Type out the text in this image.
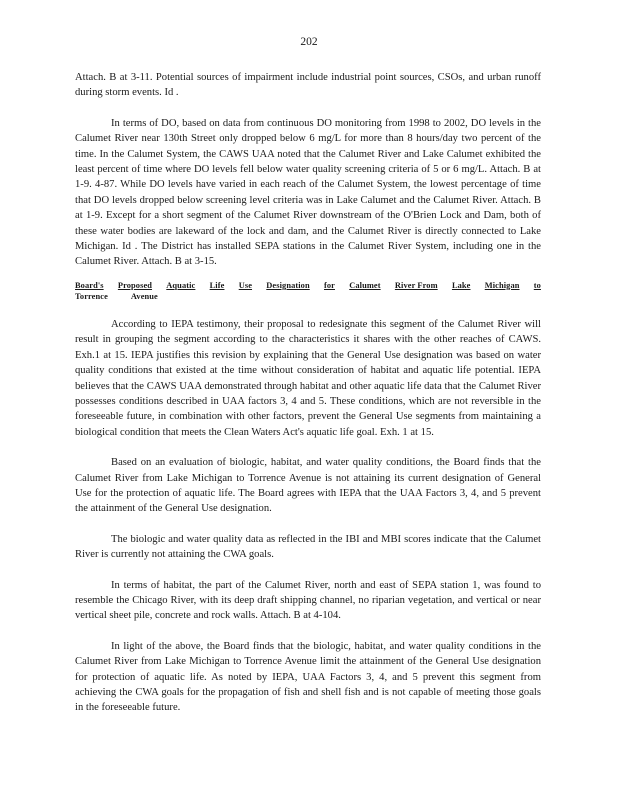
202

Attach. B at 3-11. Potential sources of impairment include industrial point sources, CSOs, and urban runoff during storm events. Id .

In terms of DO, based on data from continuous DO monitoring from 1998 to 2002, DO levels in the Calumet River near 130th Street only dropped below 6 mg/L for more than 8 hours/day two percent of the time. In the Calumet System, the CAWS UAA noted that the Calumet River and Lake Calumet exhibited the least percent of time where DO levels fell below water quality screening criteria of 5 or 6 mg/L. Attach. B at 1-9. 4-87. While DO levels have varied in each reach of the Calumet System, the lowest percentage of time that DO levels dropped below screening level criteria was in Lake Calumet and the Calumet River. Attach. B at 1-9. Except for a short segment of the Calumet River downstream of the O'Brien Lock and Dam, both of these water bodies are lakeward of the lock and dam, and the Calumet River is directly connected to Lake Michigan. Id . The District has installed SEPA stations in the Calumet River System, including one in the Calumet River. Attach. B at 3-15.

Board's Proposed Aquatic Life Use Designation for Calumet River From Lake Michigan to
Torrence	Avenue

According to IEPA testimony, their proposal to redesignate this segment of the Calumet River will result in grouping the segment according to the characteristics it shares with the other reaches of CAWS. Exh.1 at 15. IEPA justifies this revision by explaining that the General Use designation was based on water quality conditions that existed at the time without consideration of habitat and aquatic life potential. IEPA believes that the CAWS UAA demonstrated through habitat and other aquatic life data that the Calumet River possesses conditions described in UAA factors 3, 4 and 5. These conditions, which are not reversible in the foreseeable future, in combination with other factors, prevent the General Use segments from maintaining a biological condition that meets the Clean Waters Act's aquatic life goal. Exh. 1 at 15.

Based on an evaluation of biologic, habitat, and water quality conditions, the Board finds that the Calumet River from Lake Michigan to Torrence Avenue is not attaining its current designation of General Use for the protection of aquatic life. The Board agrees with IEPA that the UAA Factors 3, 4, and 5 prevent the attainment of the General Use designation.

The biologic and water quality data as reflected in the IBI and MBI scores indicate that the Calumet River is currently not attaining the CWA goals.

In terms of habitat, the part of the Calumet River, north and east of SEPA station 1, was found to resemble the Chicago River, with its deep draft shipping channel, no riparian vegetation, and vertical or near vertical sheet pile, concrete and rock walls. Attach. B at 4-104.

In light of the above, the Board finds that the biologic, habitat, and water quality conditions in the Calumet River from Lake Michigan to Torrence Avenue limit the attainment of the General Use designation for protection of aquatic life. As noted by IEPA, UAA Factors 3, 4, and 5 prevent this segment from achieving the CWA goals for the propagation of fish and shell fish and is not capable of meeting those goals in the foreseeable future.
